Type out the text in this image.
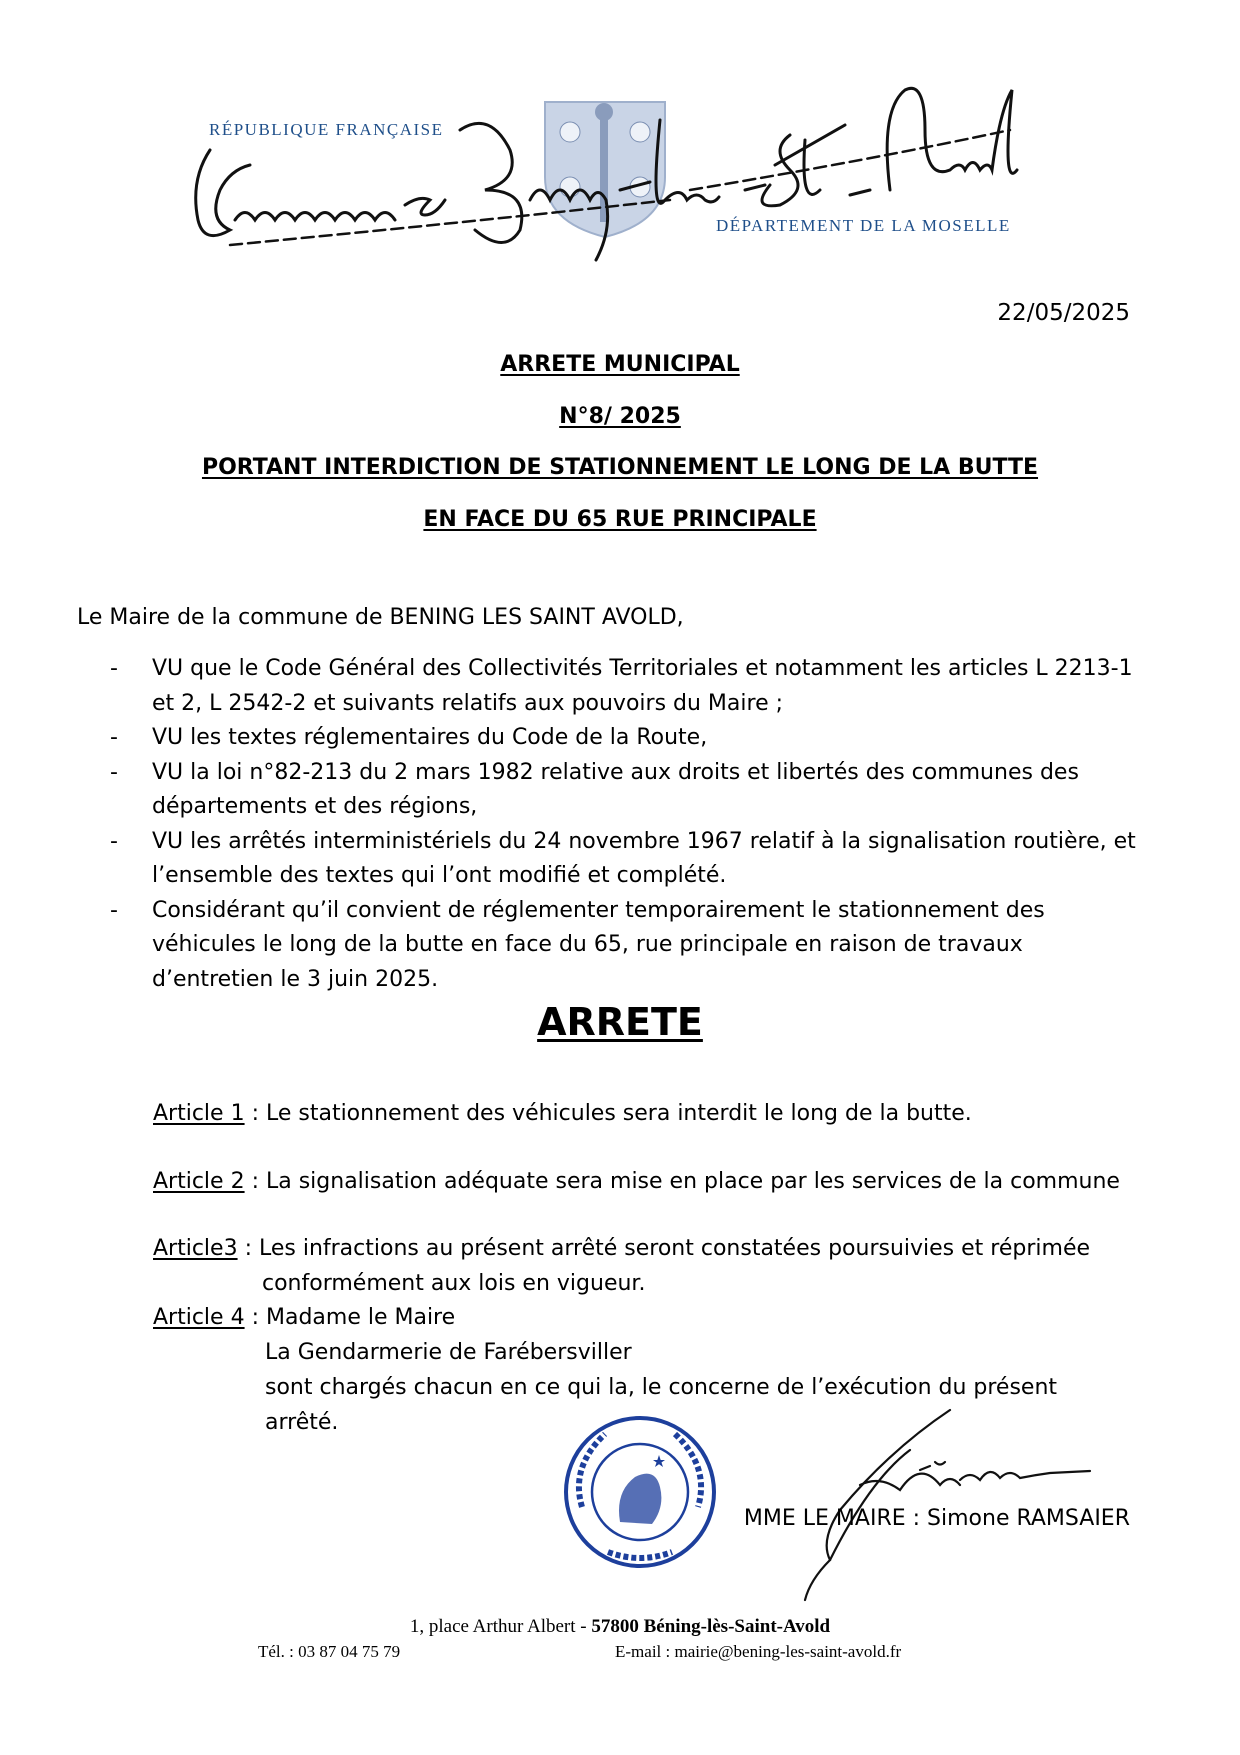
RÉPUBLIQUE FRANÇAISE
DÉPARTEMENT DE LA MOSELLE
22/05/2025
ARRETE MUNICIPAL
N°8/ 2025
PORTANT INTERDICTION DE STATIONNEMENT LE LONG DE LA BUTTE
EN FACE DU 65 RUE PRINCIPALE
Le Maire de la commune de BENING LES SAINT AVOLD,
- VU que le Code Général des Collectivités Territoriales et notamment les articles L 2213-1 et 2, L 2542-2 et suivants relatifs aux pouvoirs du Maire ;
- VU les textes réglementaires du Code de la Route,
- VU la loi n°82-213 du 2 mars 1982 relative aux droits et libertés des communes des départements et des régions,
- VU les arrêtés interministériels du 24 novembre 1967 relatif à la signalisation routière, et l’ensemble des textes qui l’ont modifié et complété.
- Considérant qu’il convient de réglementer temporairement le stationnement des véhicules le long de la butte en face du 65, rue principale en raison de travaux d’entretien le 3 juin 2025.
ARRETE
Article 1 : Le stationnement des véhicules sera interdit le long de la butte.
Article 2 : La signalisation adéquate sera mise en place par les services de la commune
Article3 : Les infractions au présent arrêté seront constatées poursuivies et réprimée
conformément aux lois en vigueur.
Article 4 : Madame le Maire
La Gendarmerie de Farébersviller
sont chargés chacun en ce qui la, le concerne de l’exécution du présent
arrêté.
MME LE MAIRE : Simone RAMSAIER
1, place Arthur Albert - 57800 Béning-lès-Saint-Avold
Tél. : 03 87 04 75 79	E-mail : mairie@bening-les-saint-avold.fr
